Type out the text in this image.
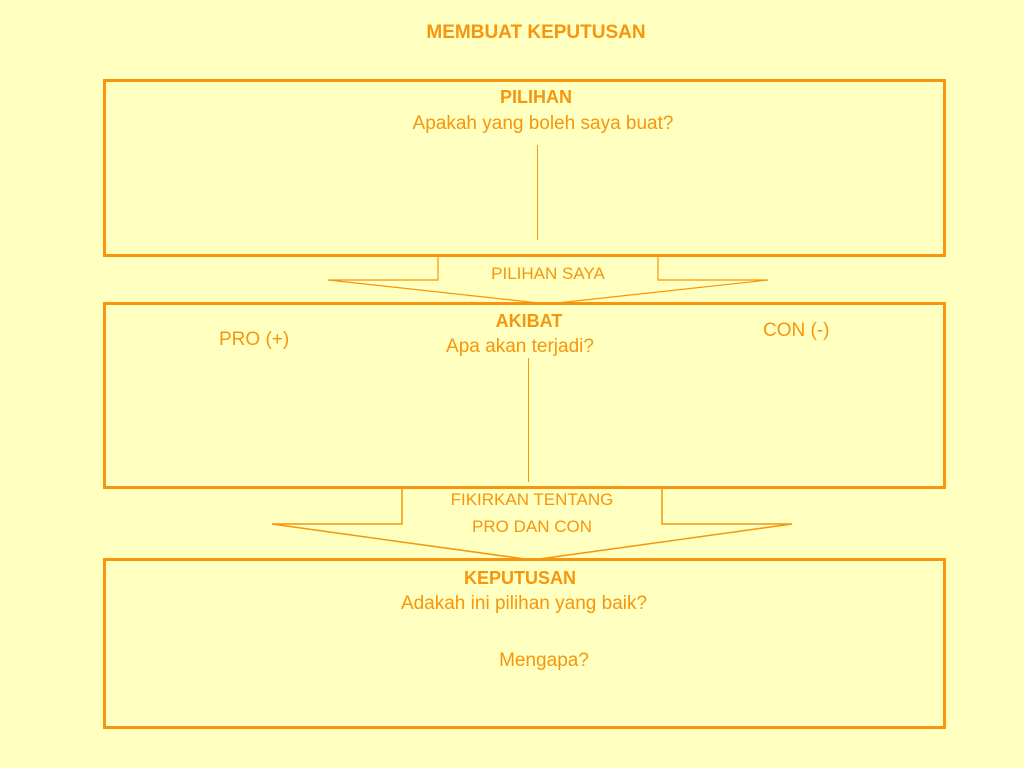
MEMBUAT KEPUTUSAN
PILIHAN
Apakah yang boleh saya buat?
PILIHAN SAYA
AKIBAT
Apa akan terjadi?
PRO (+)	CON (-)
FIKIRKAN TENTANG
PRO DAN CON
KEPUTUSAN
Adakah ini pilihan yang baik?
Mengapa?
